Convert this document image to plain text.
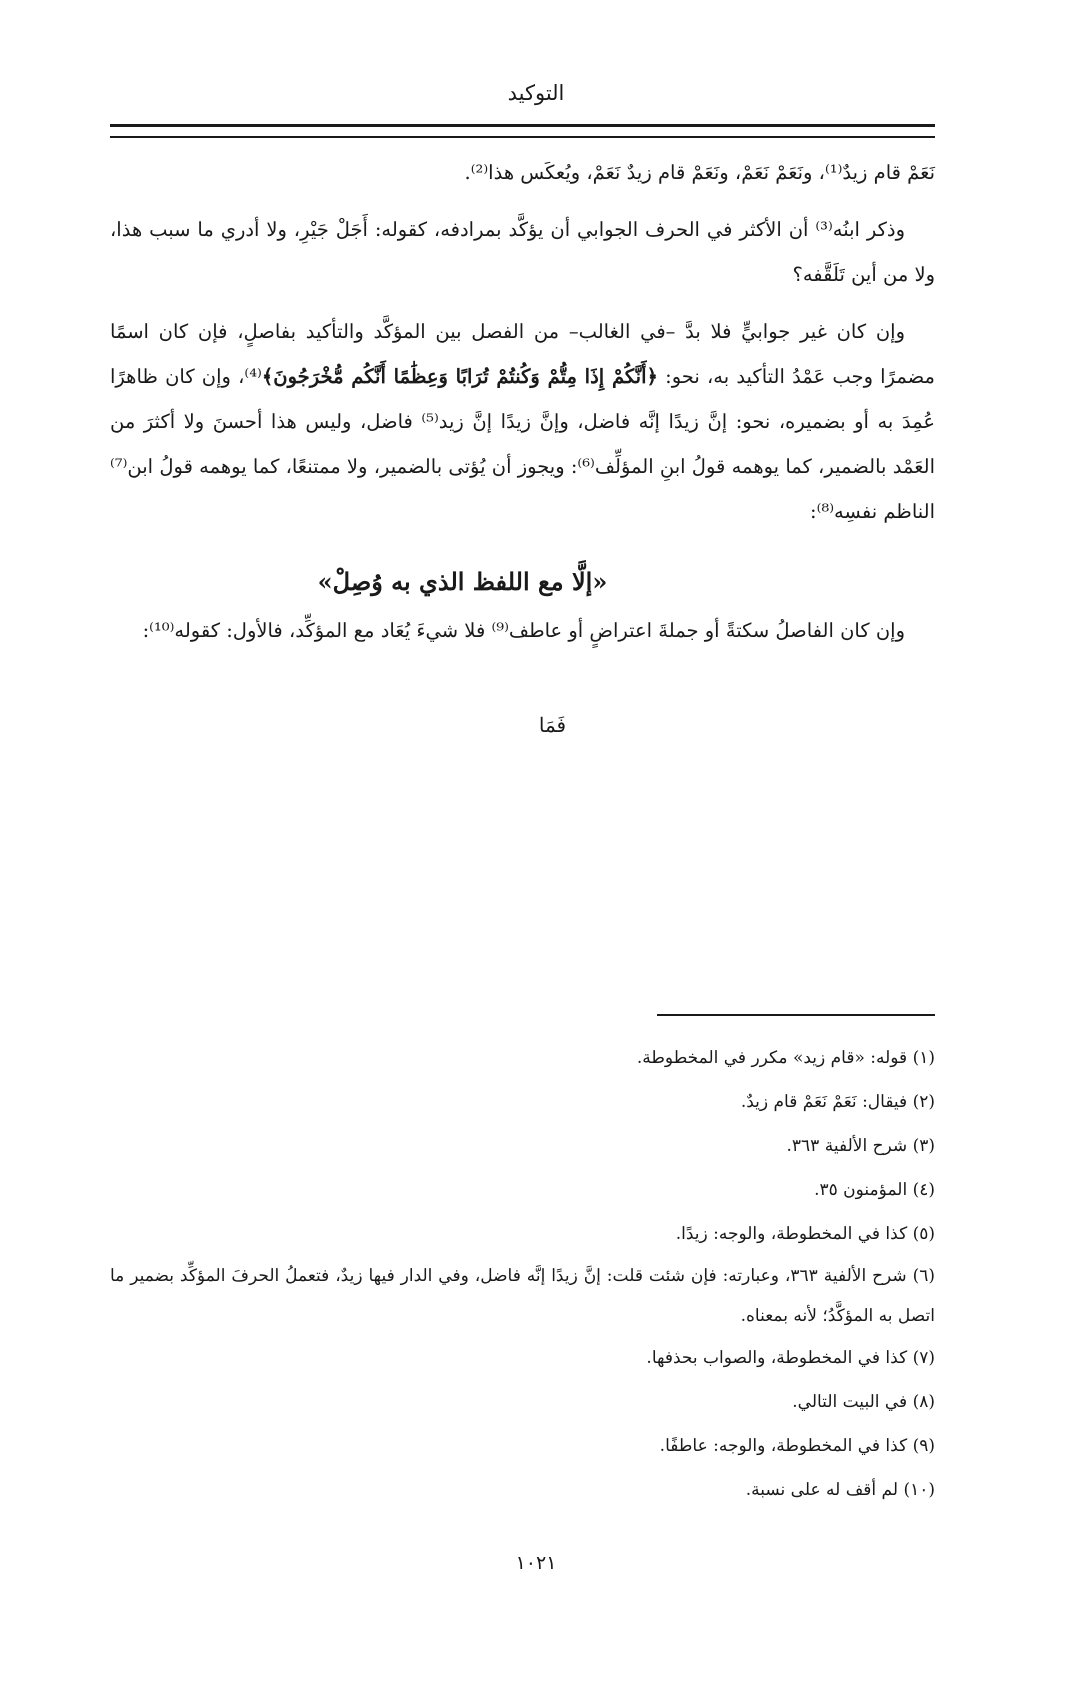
التوكيد

نَعَمْ قام زيدٌ⁽¹⁾، ونَعَمْ نَعَمْ، ونَعَمْ قام زيدٌ نَعَمْ، ويُعكَس هذا⁽²⁾.

وذكر ابنُه⁽³⁾ أن الأكثر في الحرف الجوابي أن يؤكَّد بمرادفه، كقوله: أَجَلْ جَيْرِ، ولا أدري ما سبب هذا، ولا من أين تَلَقَّفه؟

وإن كان غير جوابيٍّ فلا بدَّ –في الغالب– من الفصل بين المؤكَّد والتأكيد بفاصلٍ، فإن كان اسمًا مضمرًا وجب عَمْدُ التأكيد به، نحو: ﴿أَنَّكُمْ إِذَا مِتُّمْ وَكُنتُمْ تُرَابًا وَعِظَٰمًا أَنَّكُم مُّخْرَجُونَ﴾⁽⁴⁾، وإن كان ظاهرًا عُمِدَ به أو بضميره، نحو: إنَّ زيدًا إنَّه فاضل، وإنَّ زيدًا إنَّ زيد⁽⁵⁾ فاضل، وليس هذا أحسنَ ولا أكثرَ من العَمْد بالضمير، كما يوهمه قولُ ابنِ المؤلِّف⁽⁶⁾: ويجوز أن يُؤتى بالضمير، ولا ممتنعًا، كما يوهمه قولُ ابن⁽⁷⁾ الناظم نفسِه⁽⁸⁾:

«إلَّا مع اللفظ الذي به وُصِلْ»

وإن كان الفاصلُ سكتةً أو جملةَ اعتراضٍ أو عاطف⁽⁹⁾ فلا شيءَ يُعَاد مع المؤكِّد، فالأول: كقوله⁽¹⁰⁾:

فَمَا

(١) قوله: «قام زيد» مكرر في المخطوطة.

(٢) فيقال: نَعَمْ نَعَمْ قام زيدٌ.

(٣) شرح الألفية ٣٦٣.

(٤) المؤمنون ٣٥.

(٥) كذا في المخطوطة، والوجه: زيدًا.

(٦) شرح الألفية ٣٦٣، وعبارته: فإن شئت قلت: إنَّ زيدًا إنَّه فاضل، وفي الدار فيها زيدٌ، فتعملُ الحرفَ المؤكِّد بضمير ما اتصل به المؤكَّدُ؛ لأنه بمعناه.

(٧) كذا في المخطوطة، والصواب بحذفها.

(٨) في البيت التالي.

(٩) كذا في المخطوطة، والوجه: عاطفًا.

(١٠) لم أقف له على نسبة.

١٠٢١
